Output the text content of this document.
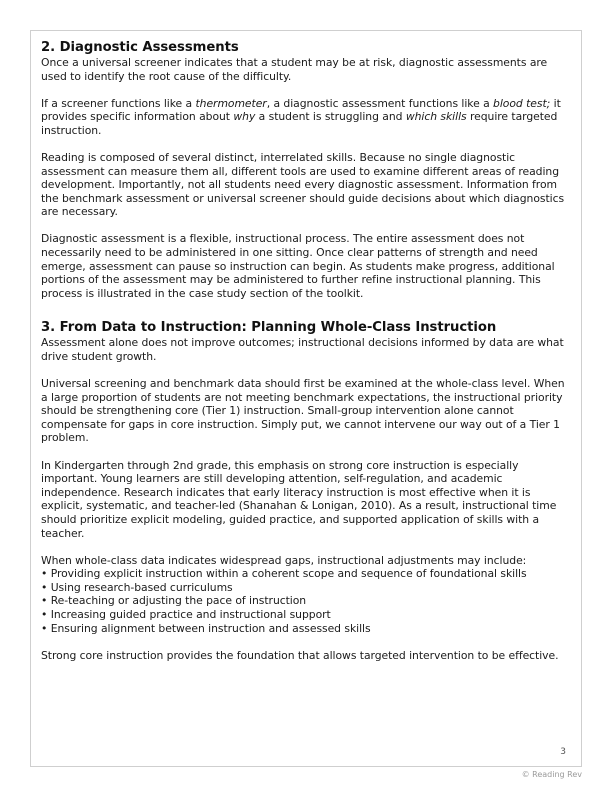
2. Diagnostic Assessments

Once a universal screener indicates that a student may be at risk, diagnostic assessments are used to identify the root cause of the difficulty.

If a screener functions like a thermometer, a diagnostic assessment functions like a blood test; it provides specific information about why a student is struggling and which skills require targeted instruction.

Reading is composed of several distinct, interrelated skills. Because no single diagnostic assessment can measure them all, different tools are used to examine different areas of reading development. Importantly, not all students need every diagnostic assessment. Information from the benchmark assessment or universal screener should guide decisions about which diagnostics are necessary.

Diagnostic assessment is a flexible, instructional process. The entire assessment does not necessarily need to be administered in one sitting. Once clear patterns of strength and need emerge, assessment can pause so instruction can begin. As students make progress, additional portions of the assessment may be administered to further refine instructional planning. This process is illustrated in the case study section of the toolkit.

3. From Data to Instruction: Planning Whole-Class Instruction

Assessment alone does not improve outcomes; instructional decisions informed by data are what drive student growth.

Universal screening and benchmark data should first be examined at the whole-class level. When a large proportion of students are not meeting benchmark expectations, the instructional priority should be strengthening core (Tier 1) instruction. Small-group intervention alone cannot compensate for gaps in core instruction. Simply put, we cannot intervene our way out of a Tier 1 problem.

In Kindergarten through 2nd grade, this emphasis on strong core instruction is especially important. Young learners are still developing attention, self-regulation, and academic independence. Research indicates that early literacy instruction is most effective when it is explicit, systematic, and teacher-led (Shanahan & Lonigan, 2010). As a result, instructional time should prioritize explicit modeling, guided practice, and supported application of skills with a teacher.

When whole-class data indicates widespread gaps, instructional adjustments may include:

• Providing explicit instruction within a coherent scope and sequence of foundational skills
• Using research-based curriculums
• Re-teaching or adjusting the pace of instruction
• Increasing guided practice and instructional support
• Ensuring alignment between instruction and assessed skills

Strong core instruction provides the foundation that allows targeted intervention to be effective.

3
© Reading Rev
